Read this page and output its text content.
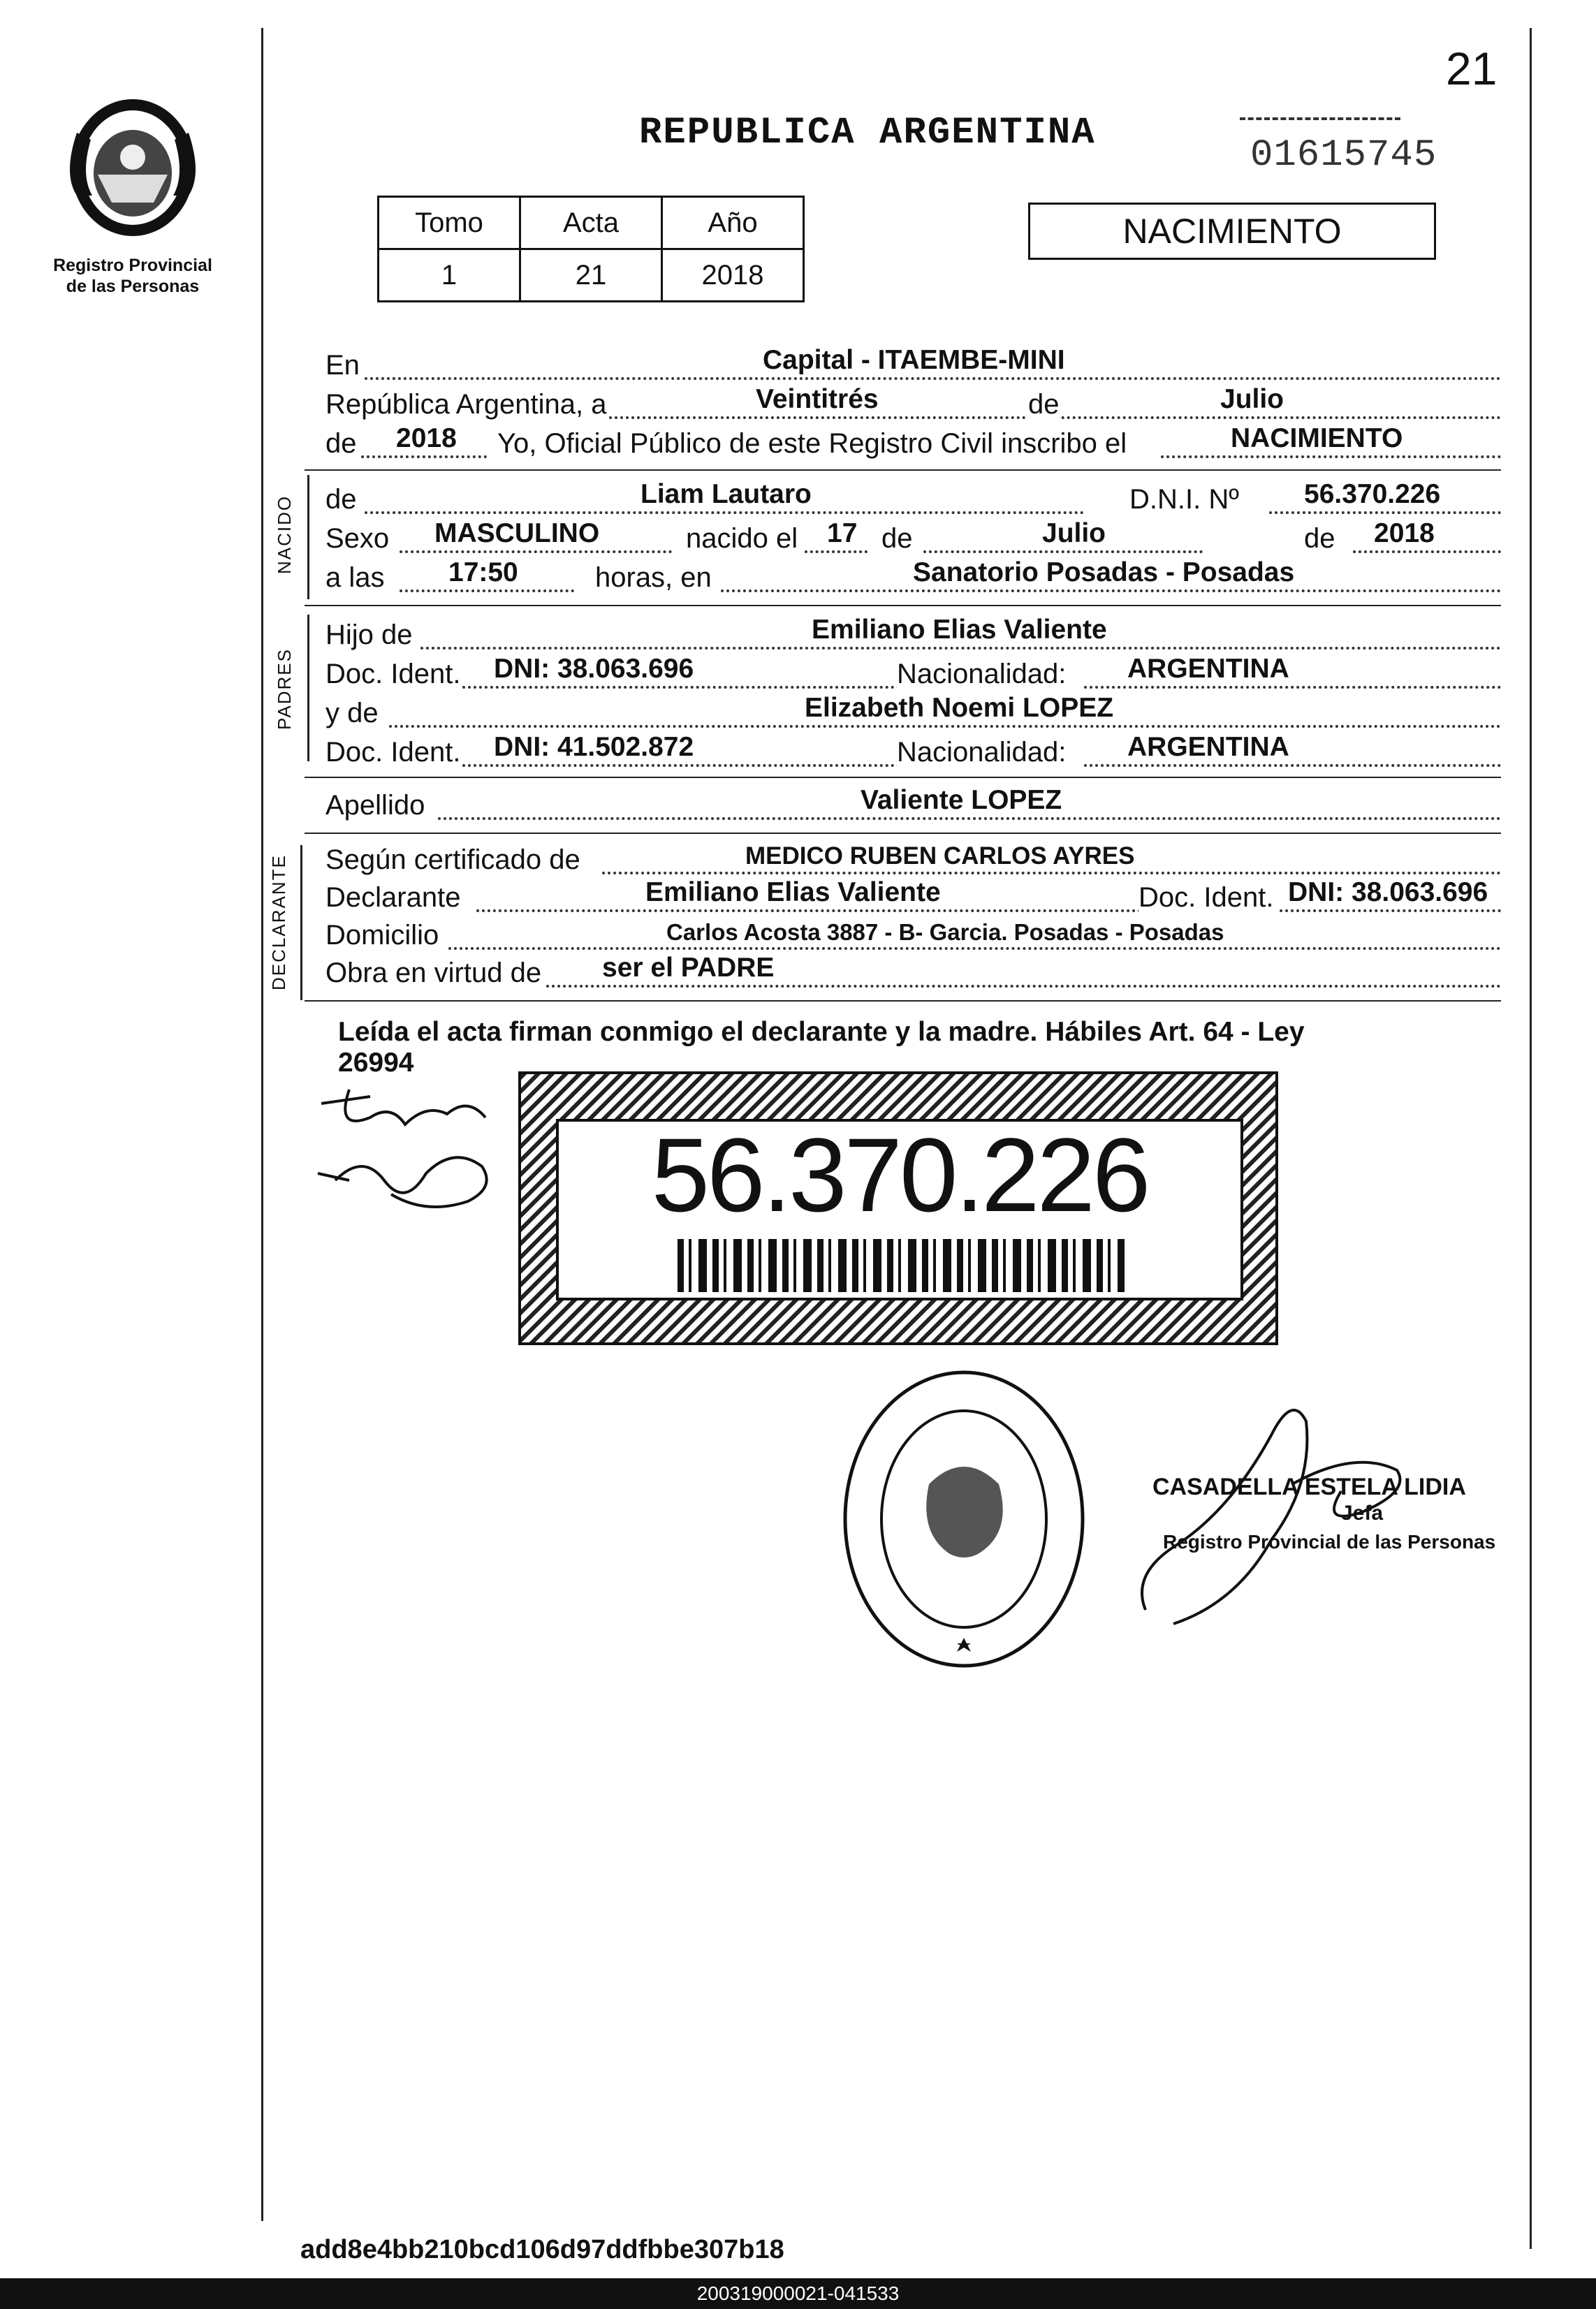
21
Registro Provincial
de las Personas
REPUBLICA ARGENTINA
01615745
Tomo	Acta	Año
1	21	2018
NACIMIENTO
En	Capital - ITAEMBE-MINI
República Argentina, a	Veintitrés	de	Julio
de 2018 Yo, Oficial Público de este Registro Civil inscribo el	NACIMIENTO
NACIDO de	Liam Lautaro	D.N.I. Nº 56.370.226
Sexo MASCULINO	nacido el 17 de	Julio	de 2018
a las 17:50	horas, en	Sanatorio Posadas - Posadas
PADRES
Hijo de	Emiliano Elias Valiente
Doc. Ident. DNI: 38.063.696	Nacionalidad: ARGENTINA
y de	Elizabeth Noemi LOPEZ
Doc. Ident. DNI: 41.502.872	Nacionalidad: ARGENTINA
Apellido	Valiente LOPEZ
DECLARANTE Según certificado de	MEDICO RUBEN CARLOS AYRES
Declarante	Emiliano Elias Valiente	Doc. Ident. DNI: 38.063.696
Domicilio	Carlos Acosta 3887 - B- Garcia. Posadas - Posadas
Obra en virtud de ser el PADRE
Leída el acta firman conmigo el declarante y la madre. Hábiles Art. 64 - Ley
26994
56.370.226
CASADELLA ESTELA LIDIA
Jefa
Registro Provincial de las Personas
add8e4bb210bcd106d97ddfbbe307b18
200319000021-041533
